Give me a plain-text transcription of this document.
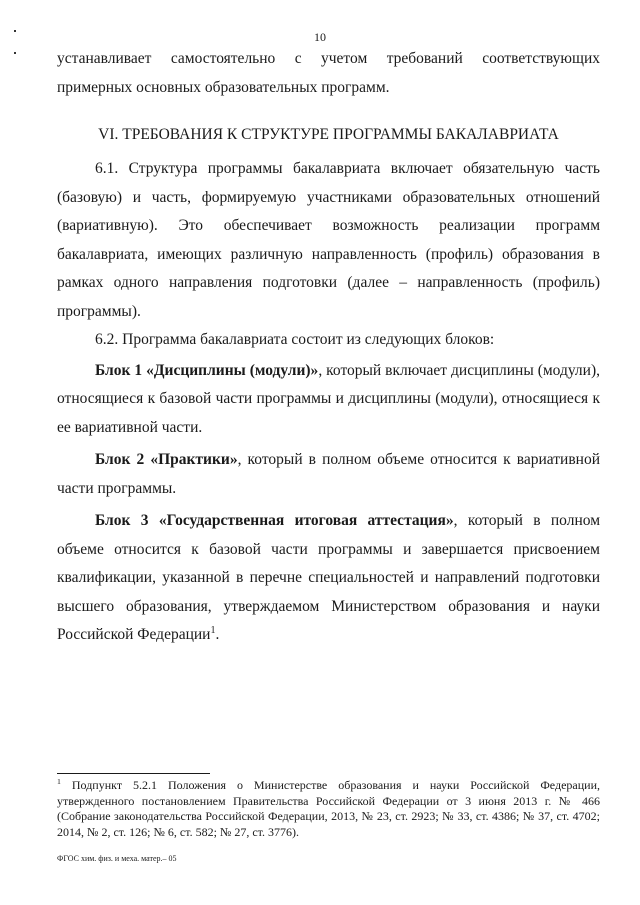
10

устанавливает самостоятельно с учетом требований соответствующих примерных основных образовательных программ.

VI. ТРЕБОВАНИЯ К СТРУКТУРЕ ПРОГРАММЫ БАКАЛАВРИАТА

6.1. Структура программы бакалавриата включает обязательную часть (базовую) и часть, формируемую участниками образовательных отношений (вариативную). Это обеспечивает возможность реализации программ бакалавриата, имеющих различную направленность (профиль) образования в рамках одного направления подготовки (далее – направленность (профиль) программы).

6.2. Программа бакалавриата состоит из следующих блоков:

Блок 1 «Дисциплины (модули)», который включает дисциплины (модули), относящиеся к базовой части программы и дисциплины (модули), относящиеся к ее вариативной части.

Блок 2 «Практики», который в полном объеме относится к вариативной части программы.

Блок 3 «Государственная итоговая аттестация», который в полном объеме относится к базовой части программы и завершается присвоением квалификации, указанной в перечне специальностей и направлений подготовки высшего образования, утверждаемом Министерством образования и науки Российской Федерации$^1$.

$^1$ Подпункт 5.2.1 Положения о Министерстве образования и науки Российской Федерации, утвержденного постановлением Правительства Российской Федерации от 3 июня 2013 г. № 466 (Собрание законодательства Российской Федерации, 2013, № 23, ст. 2923; № 33, ст. 4386; № 37, ст. 4702; 2014, № 2, ст. 126; № 6, ст. 582; № 27, ст. 3776).
ФГОС хим. физ. и меха. матер.– 05
